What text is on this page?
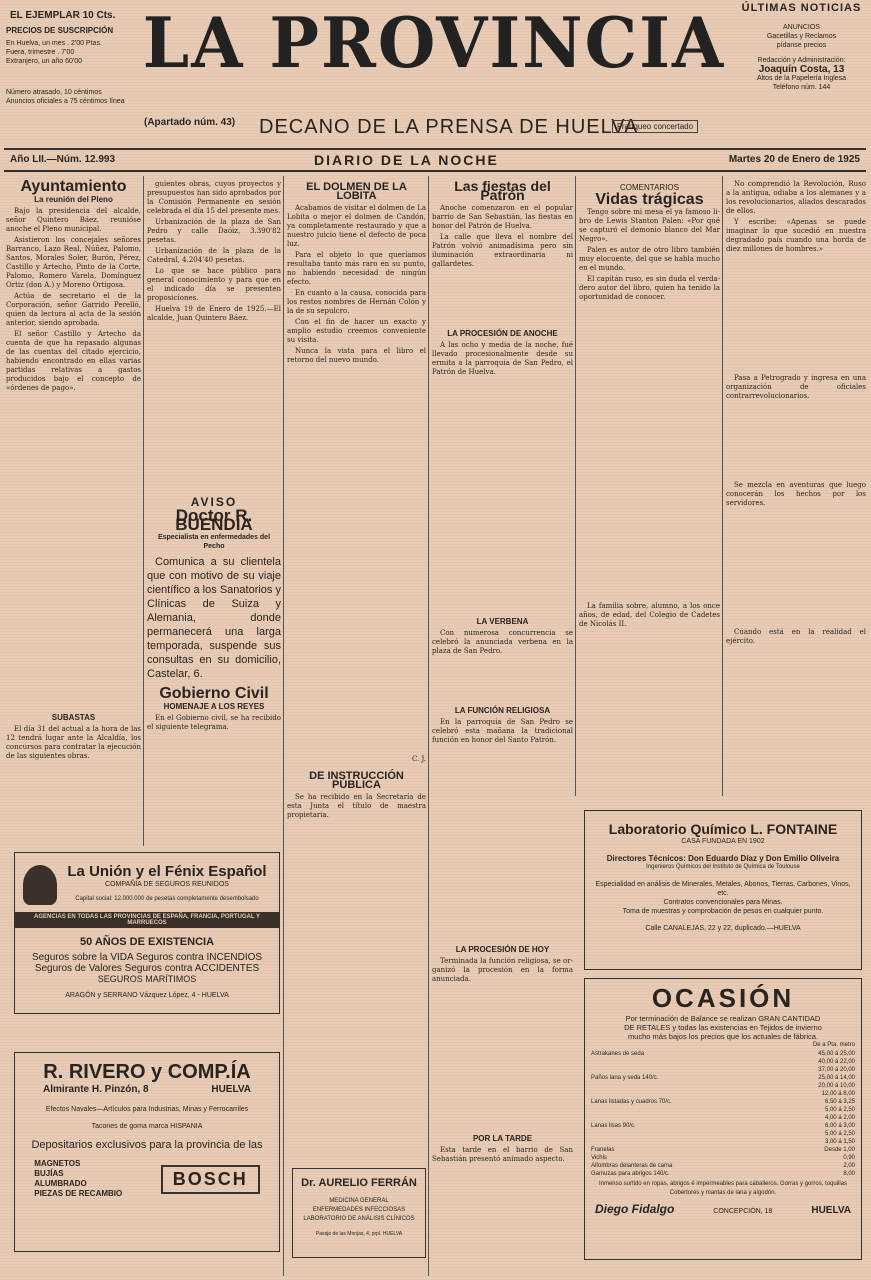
EL EJEMPLAR 10 Cts.
PRECIOS DE SUSCRIPCIÓN
En Huelva, un mes . 2'00 Ptas.
Fuera, trimestre . 7'00
Extranjero, un año 60'00
Número atrasado, 10 céntimos
Anuncios oficiales a 75 céntimos línea
LA PROVINCIA
(Apartado núm. 43) DECANO DE LA PRENSA DE HUELVA
Franqueo concertado
ÚLTIMAS NOTICIAS
ANUNCIOS
Gacetillas y Reclamos
pídanse precios
Redacción y Administración:
Joaquín Costa, 13
Altos de la Papelería Inglesa
Teléfono núm. 144
Año LII.—Núm. 12.993	DIARIO DE LA NOCHE	Martes 20 de Enero de 1925
Ayuntamiento
La reunión del Pleno

Bajo la presidencia del alcalde, señor Quintero Báez, reunióse anoche el Pleno municipal.

Asistieron los concejales señores Barranco, Lazo Real, Núñez, Palomo, Santos, Morales Soler, Burón, Pérez, Castillo y Artecho, Pinto de la Corte, Palomo, Romero Varela, Domínguez Ortiz (don A.) y Moreno Ortigosa.

Actúa de secretario el de la Corporación, señor Garrido Perelló, quien da lectura al acta de la sesión anterior, siendo aprobada.

El señor Castillo y Artecho da cuenta de que ha repasado algunas de las cuentas del citado ejercicio, habiendo encontrado en ellas varias partidas relativas a gastos producidos bajo el concepto de «órdenes de pago».

SUBASTAS

El día 31 del actual a la hora de las 12 tendrá lugar ante la Alcaldía, los concursos para contratar la ejecución de las siguientes obras.

guientes obras, cuyos proyectos y presupuestos han sido aprobados por la Comisión Permanente en sesión celebrada el día 15 del presente mes.

Urbanización de la plaza de San Pedro y calle Daóiz, 3.390'82 pesetas.

Urbanización de la plaza de la Catedral, 4.204'40 pesetas.

Lo que se hace público para general conocimiento y para que en el indicado día se presenten proposiciones.

Huelva 19 de Enero de 1925.—El alcalde, Juan Quintero Báez.

AVISO
Doctor R. BUENDÍA
Especialista en enfermedades del Pecho

Comunica a su clientela que con motivo de su viaje científico a los Sanatorios y Clínicas de Suiza y Alemania, donde permanecerá una larga temporada, suspende sus consultas en su domicilio, Castelar, 6.

Gobierno Civil
HOMENAJE A LOS REYES

En el Gobierno civil, se ha recibido el siguiente telegrama.

EL DOLMEN DE LA LOBITA

Acabamos de visitar el dolmen de La Lobita o mejor el dolmen de Candón, ya completamente restaurado y que a nuestro juicio tiene el defecto de poca luz.

Para el objeto lo que queríamos resultaba tanto más raro en su punto, no habiendo necesidad de ningún efecto.

En cuanto a la causa, conocida para los restos nombres de Hernán Colón y la de su sepulcro.

Con el fin de hacer un exacto y amplio estudio creemos conveniente su visita.

Nunca la vista para el libro el retorno del nuevo mundo.

C. J.
DE INSTRUCCIÓN PÚBLICA

Se ha recibido en la Secretaría de esta Junta el título de maestra propietaria.

Las fiestas del Patrón

Anoche comenzaron en el popular barrio de San Sebastián, las fiestas en honor del Patrón de Huelva.

La calle que lleva el nombre del Patrón volvió animadísima pero sin iluminación extraordinaria ni gallardetes.

LA PROCESIÓN DE ANOCHE

A las ocho y media de la noche, fué llevado procesionalmente desde su ermita a la parroquia de San Pedro, el Patrón de Huelva.

LA VERBENA

Con numerosa concurrencia se celebró la anunciada verbena en la plaza de San Pedro.

LA FUNCIÓN RELIGIOSA

En la parroquia de San Pedro se celebró esta mañana la tradicional función en honor del Santo Patrón.

LA PROCESIÓN DE HOY

Terminada la función religiosa, se organizó la procesión en la forma anunciada.

POR LA TARDE

Esta tarde en el barrio de San Sebastián presentó animado aspecto.

COMENTARIOS
Vidas trágicas

Tengo sobre mi mesa el ya famoso libro de Lewis Stanton Palen: «Por qué se capturó el demonio blanco del Mar Negro».

Palen es autor de otro libro también muy elocuente, del que se habla mucho en el mundo.

El capitán ruso, es sin duda el verdadero autor del libro, quien ha tenido la oportunidad de conocer.

La familia sobre, alumno, a los once años, de edad, del Colegio de Cadetes de Nicolás II.

No comprendió la Revolución, Ruso a la antigua, odiaba a los alemanes y a los revolucionarios, aliados descarados de ellos.

Y escribe: «Apenas se puede imaginar lo que sucedió en nuestra degradado país cuando una horda de diez millones de hombres.»

Pasa a Petrogrado y ingresa en una organización de oficiales contrarrevolucionarios.

Se mezcla en aventuras que luego conocerán los hechos por los servidores.

Cuando está en la realidad el ejército.

La Unión y el Fénix Español
COMPAÑÍA DE SEGUROS REUNIDOS
Capital social: 12.000.000 de pesetas completamente desembolsado
AGENCIAS EN TODAS LAS PROVINCIAS DE ESPAÑA, FRANCIA, PORTUGAL Y MARRUECOS
50 AÑOS DE EXISTENCIA
Seguros sobre la VIDA Seguros contra INCENDIOS
Seguros de Valores Seguros contra ACCIDENTES
SEGUROS MARÍTIMOS
ARAGÓN y SERRANO Vázquez López, 4 - HUELVA
R. RIVERO y COMP.ÍA
Almirante H. Pinzón, 8	HUELVA
Efectos Navales—Artículos para Industrias, Minas y Ferrocarriles
Tacones de goma marca HISPANIA
Depositarios exclusivos para la provincia de las
MAGNETOS
BUJÍAS
ALUMBRADO
PIEZAS DE RECAMBIO
BOSCH	Dr. AURELIO FERRÁN
MEDICINA GENERAL
ENFERMEDADES INFECCIOSAS
LABORATORIO DE ANÁLISIS CLÍNICOS
Pasaje de las Monjas, 4, prpl. HUELVA
Laboratorio Químico L. FONTAINE
CASA FUNDADA EN 1902
Directores Técnicos: Don Eduardo Díaz y Don Emilio Oliveira
Ingenieros Químicos del Instituto de Química de Toulouse
Especialidad en análisis de Minerales, Metales, Abonos, Tierras, Carbones, Vinos, etc.
Contratos convencionales para Minas.
Toma de muestras y comprobación de pesos en cualquier punto.
Calle CANALEJAS, 22 y 22, duplicado.—HUELVA
OCASIÓN
Por terminación de Balance se realizan GRAN CANTIDAD
DE RETALES y todas las existencias en Tejidos de invierno
mucho más bajos los precios que los actuales de fábrica.
De a Pta. metro
Astrakanes de seda	45,00 á 25,00
40,00 á 22,00
37,00 á 20,00
Paños lana y seda 140/c.	25,00 á 14,00
20,00 á 10,00
12,00 á 8,00
Lanas listadas y cuadros 70/c.	6,50 á 3,25
5,00 á 2,50
4,00 á 2,00
Lanas lisas 90/c.	6,00 á 3,00
5,00 á 2,50
3,00 á 1,50
Franelas	Desde 1,00
Vichis	0,90
Alfombras delanteras de cama	2,00
Gamuzas para abrigos 140/c.	8,00
Inmenso surtido en ropas, abrigos é impermeables para caballeros. Gorras y gorros, toquillas Cobertores y mantas de lana y algodón.
Diego Fidalgo	CONCEPCIÓN, 18	HUELVA
